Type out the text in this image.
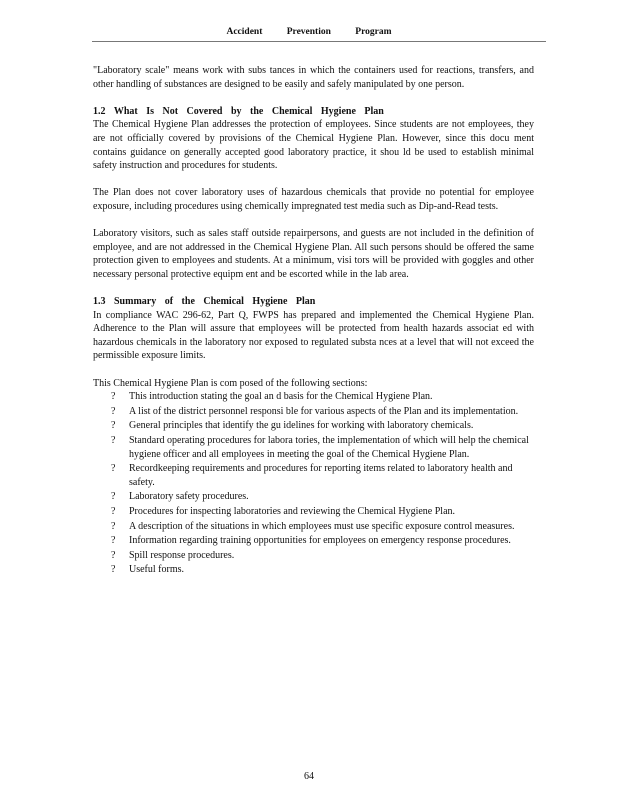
Accident Prevention Program

"Laboratory scale" means work with subs tances in which the containers used for reactions, transfers, and other handling of substances are designed to be easily and safely manipulated by one person.

1.2 What Is Not Covered by the Chemical Hygiene Plan

The Chemical Hygiene Plan addresses the protection of employees. Since students are not employees, they are not officially covered by provisions of the Chemical Hygiene Plan. However, since this docu ment contains guidance on generally accepted good laboratory practice, it shou ld be used to establish minimal safety instruction and procedures for students.

The Plan does not cover laboratory uses of hazardous chemicals that provide no potential for employee exposure, including procedures using chemically impregnated test media such as Dip-and-Read tests.

Laboratory visitors, such as sales staff outside repairpersons, and guests are not included in the definition of employee, and are not addressed in the Chemical Hygiene Plan. All such persons should be offered the same protection given to employees and students. At a minimum, visi tors will be provided with goggles and other necessary personal protective equipm ent and be escorted while in the lab area.

1.3 Summary of the Chemical Hygiene Plan

In compliance WAC 296-62, Part Q, FWPS has prepared and implemented the Chemical Hygiene Plan. Adherence to the Plan will assure that employees will be protected from health hazards associat ed with hazardous chemicals in the laboratory nor exposed to regulated substa nces at a level that will not exceed the permissible exposure limits.

This Chemical Hygiene Plan is com posed of the following sections:
? This introduction stating the goal an d basis for the Chemical Hygiene Plan.
? A list of the district personnel responsi ble for various aspects of the Plan and its implementation.
? General principles that identify the gu idelines for working with laboratory chemicals.
? Standard operating procedures for labora tories, the implementation of which will help the chemical hygiene officer and all employees in meeting the goal of the Chemical Hygiene Plan.
? Recordkeeping requirements and procedures for reporting items related to laboratory health and safety.
? Laboratory safety procedures.
? Procedures for inspecting laboratories and reviewing the Chemical Hygiene Plan.
? A description of the situations in which employees must use specific exposure control measures.
? Information regarding training opportunities for employees on emergency response procedures.
? Spill response procedures.
? Useful forms.
64
